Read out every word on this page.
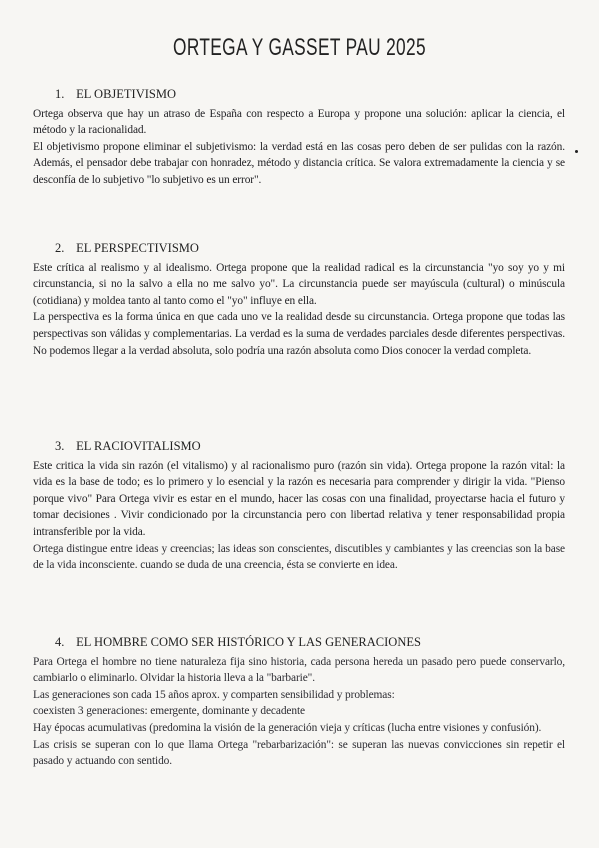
ORTEGA Y GASSET PAU 2025
1. EL OBJETIVISMO

Ortega observa que hay un atraso de España con respecto a Europa y propone una solución: aplicar la ciencia, el método y la racionalidad.

El objetivismo propone eliminar el subjetivismo: la verdad está en las cosas pero deben de ser pulidas con la razón. Además, el pensador debe trabajar con honradez, método y distancia crítica. Se valora extremadamente la ciencia y se desconfía de lo subjetivo "lo subjetivo es un error".

2. EL PERSPECTIVISMO

Este crítica al realismo y al idealismo. Ortega propone que la realidad radical es la circunstancia "yo soy yo y mi circunstancia, si no la salvo a ella no me salvo yo". La circunstancia puede ser mayúscula (cultural) o minúscula (cotidiana) y moldea tanto al tanto como el "yo" influye en ella.

La perspectiva es la forma única en que cada uno ve la realidad desde su circunstancia. Ortega propone que todas las perspectivas son válidas y complementarias. La verdad es la suma de verdades parciales desde diferentes perspectivas. No podemos llegar a la verdad absoluta, solo podría una razón absoluta como Dios conocer la verdad completa.

3. EL RACIOVITALISMO

Este critica la vida sin razón (el vitalismo) y al racionalismo puro (razón sin vida). Ortega propone la razón vital: la vida es la base de todo; es lo primero y lo esencial y la razón es necesaria para comprender y dirigir la vida. "Pienso porque vivo" Para Ortega vivir es estar en el mundo, hacer las cosas con una finalidad, proyectarse hacia el futuro y tomar decisiones . Vivir condicionado por la circunstancia pero con libertad relativa y tener responsabilidad propia intransferible por la vida.

Ortega distingue entre ideas y creencias; las ideas son conscientes, discutibles y cambiantes y las creencias son la base de la vida inconsciente. cuando se duda de una creencia, ésta se convierte en idea.

4. EL HOMBRE COMO SER HISTÓRICO Y LAS GENERACIONES

Para Ortega el hombre no tiene naturaleza fija sino historia, cada persona hereda un pasado pero puede conservarlo, cambiarlo o eliminarlo. Olvidar la historia lleva a la "barbarie".

Las generaciones son cada 15 años aprox. y comparten sensibilidad y problemas:

coexisten 3 generaciones: emergente, dominante y decadente

Hay épocas acumulativas (predomina la visión de la generación vieja y críticas (lucha entre visiones y confusión).

Las crisis se superan con lo que llama Ortega "rebarbarización": se superan las nuevas convicciones sin repetir el pasado y actuando con sentido.
